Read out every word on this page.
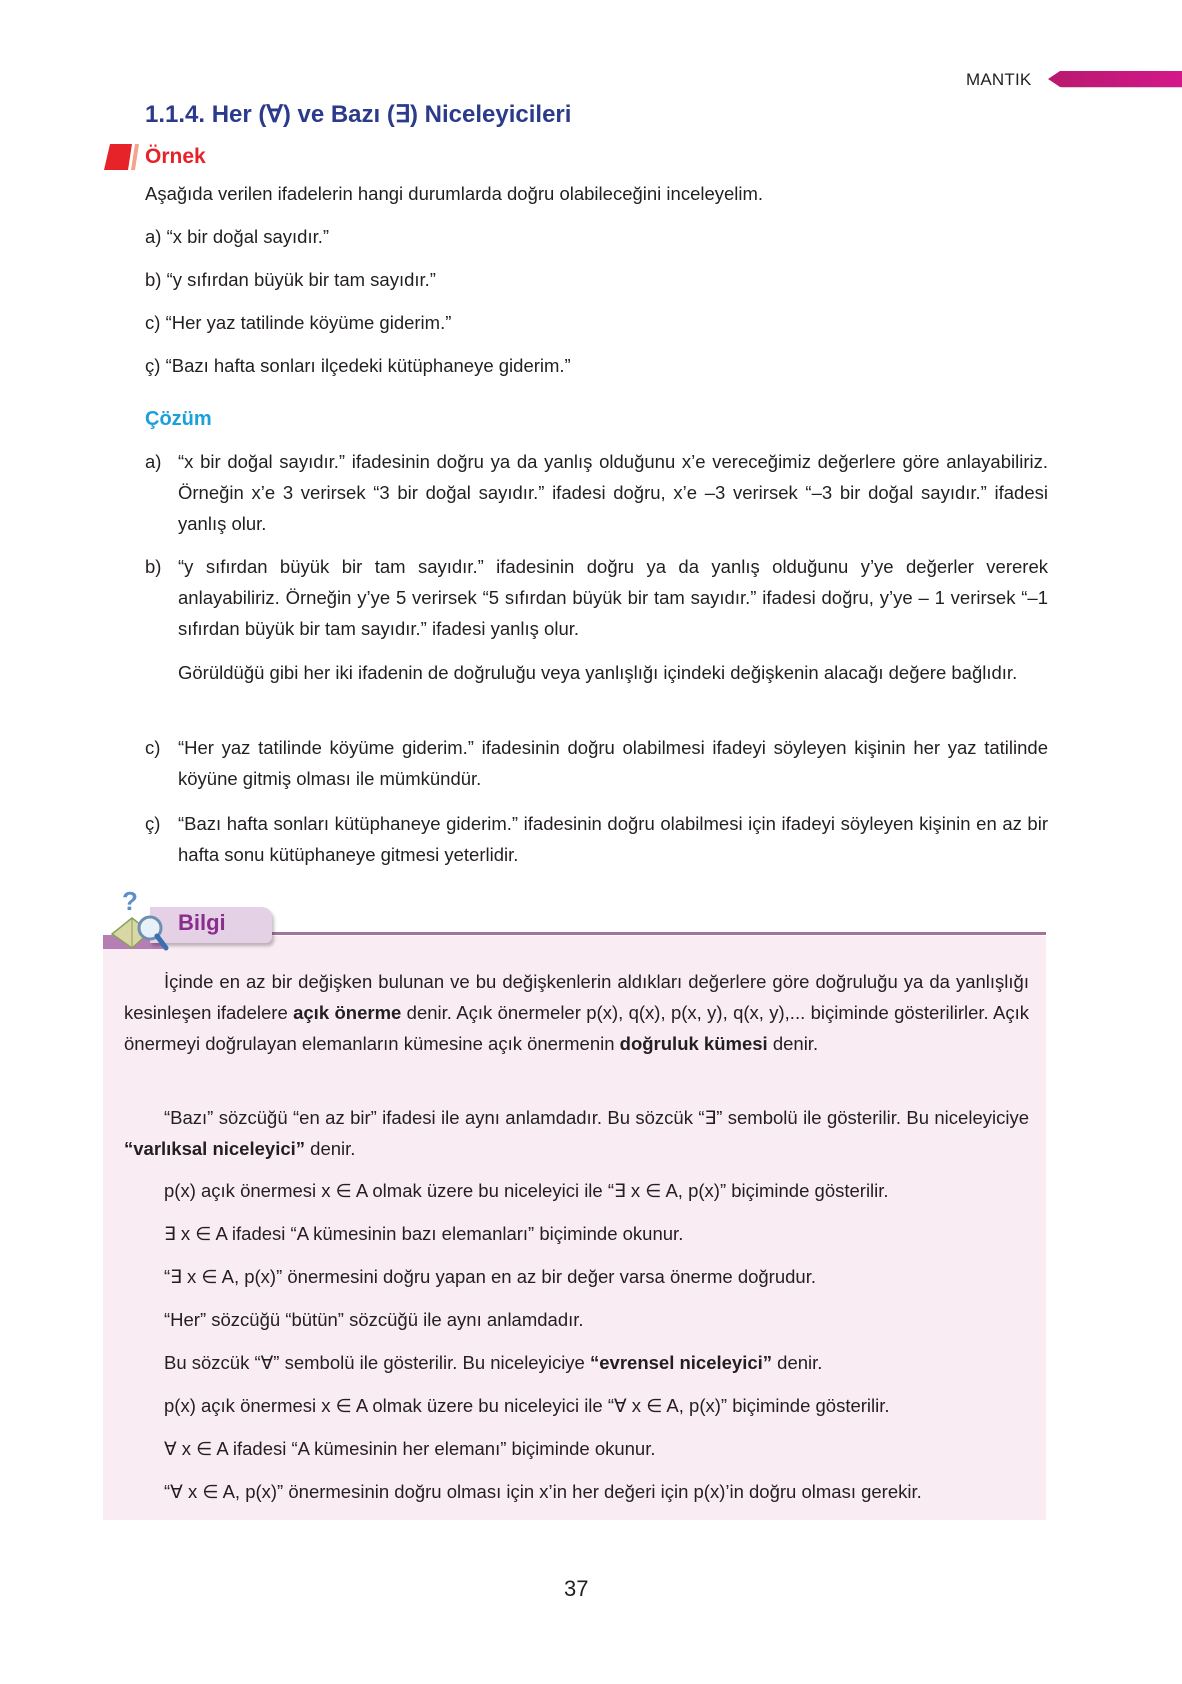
MANTIK
1.1.4. Her (∀) ve Bazı (∃) Niceleyicileri
Örnek
Aşağıda verilen ifadelerin hangi durumlarda doğru olabileceğini inceleyelim.
a) “x bir doğal sayıdır.”
b) “y sıfırdan büyük bir tam sayıdır.”
c) “Her yaz tatilinde köyüme giderim.”
ç) “Bazı hafta sonları ilçedeki kütüphaneye giderim.”
Çözüm
a) “x bir doğal sayıdır.” ifadesinin doğru ya da yanlış olduğunu x’e vereceğimiz değerlere göre anlayabiliriz. Örneğin x’e 3 verirsek “3 bir doğal sayıdır.” ifadesi doğru, x’e –3 verirsek “–3 bir doğal sayıdır.” ifadesi yanlış olur.
b) “y sıfırdan büyük bir tam sayıdır.” ifadesinin doğru ya da yanlış olduğunu y’ye değerler vererek anlayabiliriz. Örneğin y’ye 5 verirsek “5 sıfırdan büyük bir tam sayıdır.” ifadesi doğru, y’ye – 1 verirsek “–1 sıfırdan büyük bir tam sayıdır.” ifadesi yanlış olur.
Görüldüğü gibi her iki ifadenin de doğruluğu veya yanlışlığı içindeki değişkenin alacağı değere bağlıdır.
c) “Her yaz tatilinde köyüme giderim.” ifadesinin doğru olabilmesi ifadeyi söyleyen kişinin her yaz tatilinde köyüne gitmiş olması ile mümkündür.
ç) “Bazı hafta sonları kütüphaneye giderim.” ifadesinin doğru olabilmesi için ifadeyi söyleyen kişinin en az bir hafta sonu kütüphaneye gitmesi yeterlidir.
?
Bilgi
İçinde en az bir değişken bulunan ve bu değişkenlerin aldıkları değerlere göre doğruluğu ya da yanlışlığı kesinleşen ifadelere açık önerme denir. Açık önermeler p(x), q(x), p(x, y), q(x, y),... biçiminde gösterilirler. Açık önermeyi doğrulayan elemanların kümesine açık önermenin doğruluk kümesi denir.
“Bazı” sözcüğü “en az bir” ifadesi ile aynı anlamdadır. Bu sözcük “∃” sembolü ile gösterilir. Bu niceleyiciye “varlıksal niceleyici” denir.
p(x) açık önermesi x ∈ A olmak üzere bu niceleyici ile “∃ x ∈ A, p(x)” biçiminde gösterilir.
∃ x ∈ A ifadesi “A kümesinin bazı elemanları” biçiminde okunur.
“∃ x ∈ A, p(x)” önermesini doğru yapan en az bir değer varsa önerme doğrudur.
“Her” sözcüğü “bütün” sözcüğü ile aynı anlamdadır.
Bu sözcük “∀” sembolü ile gösterilir. Bu niceleyiciye “evrensel niceleyici” denir.
p(x) açık önermesi x ∈ A olmak üzere bu niceleyici ile “∀ x ∈ A, p(x)” biçiminde gösterilir.
∀ x ∈ A ifadesi “A kümesinin her elemanı” biçiminde okunur.
“∀ x ∈ A, p(x)” önermesinin doğru olması için x’in her değeri için p(x)’in doğru olması gerekir.
37
